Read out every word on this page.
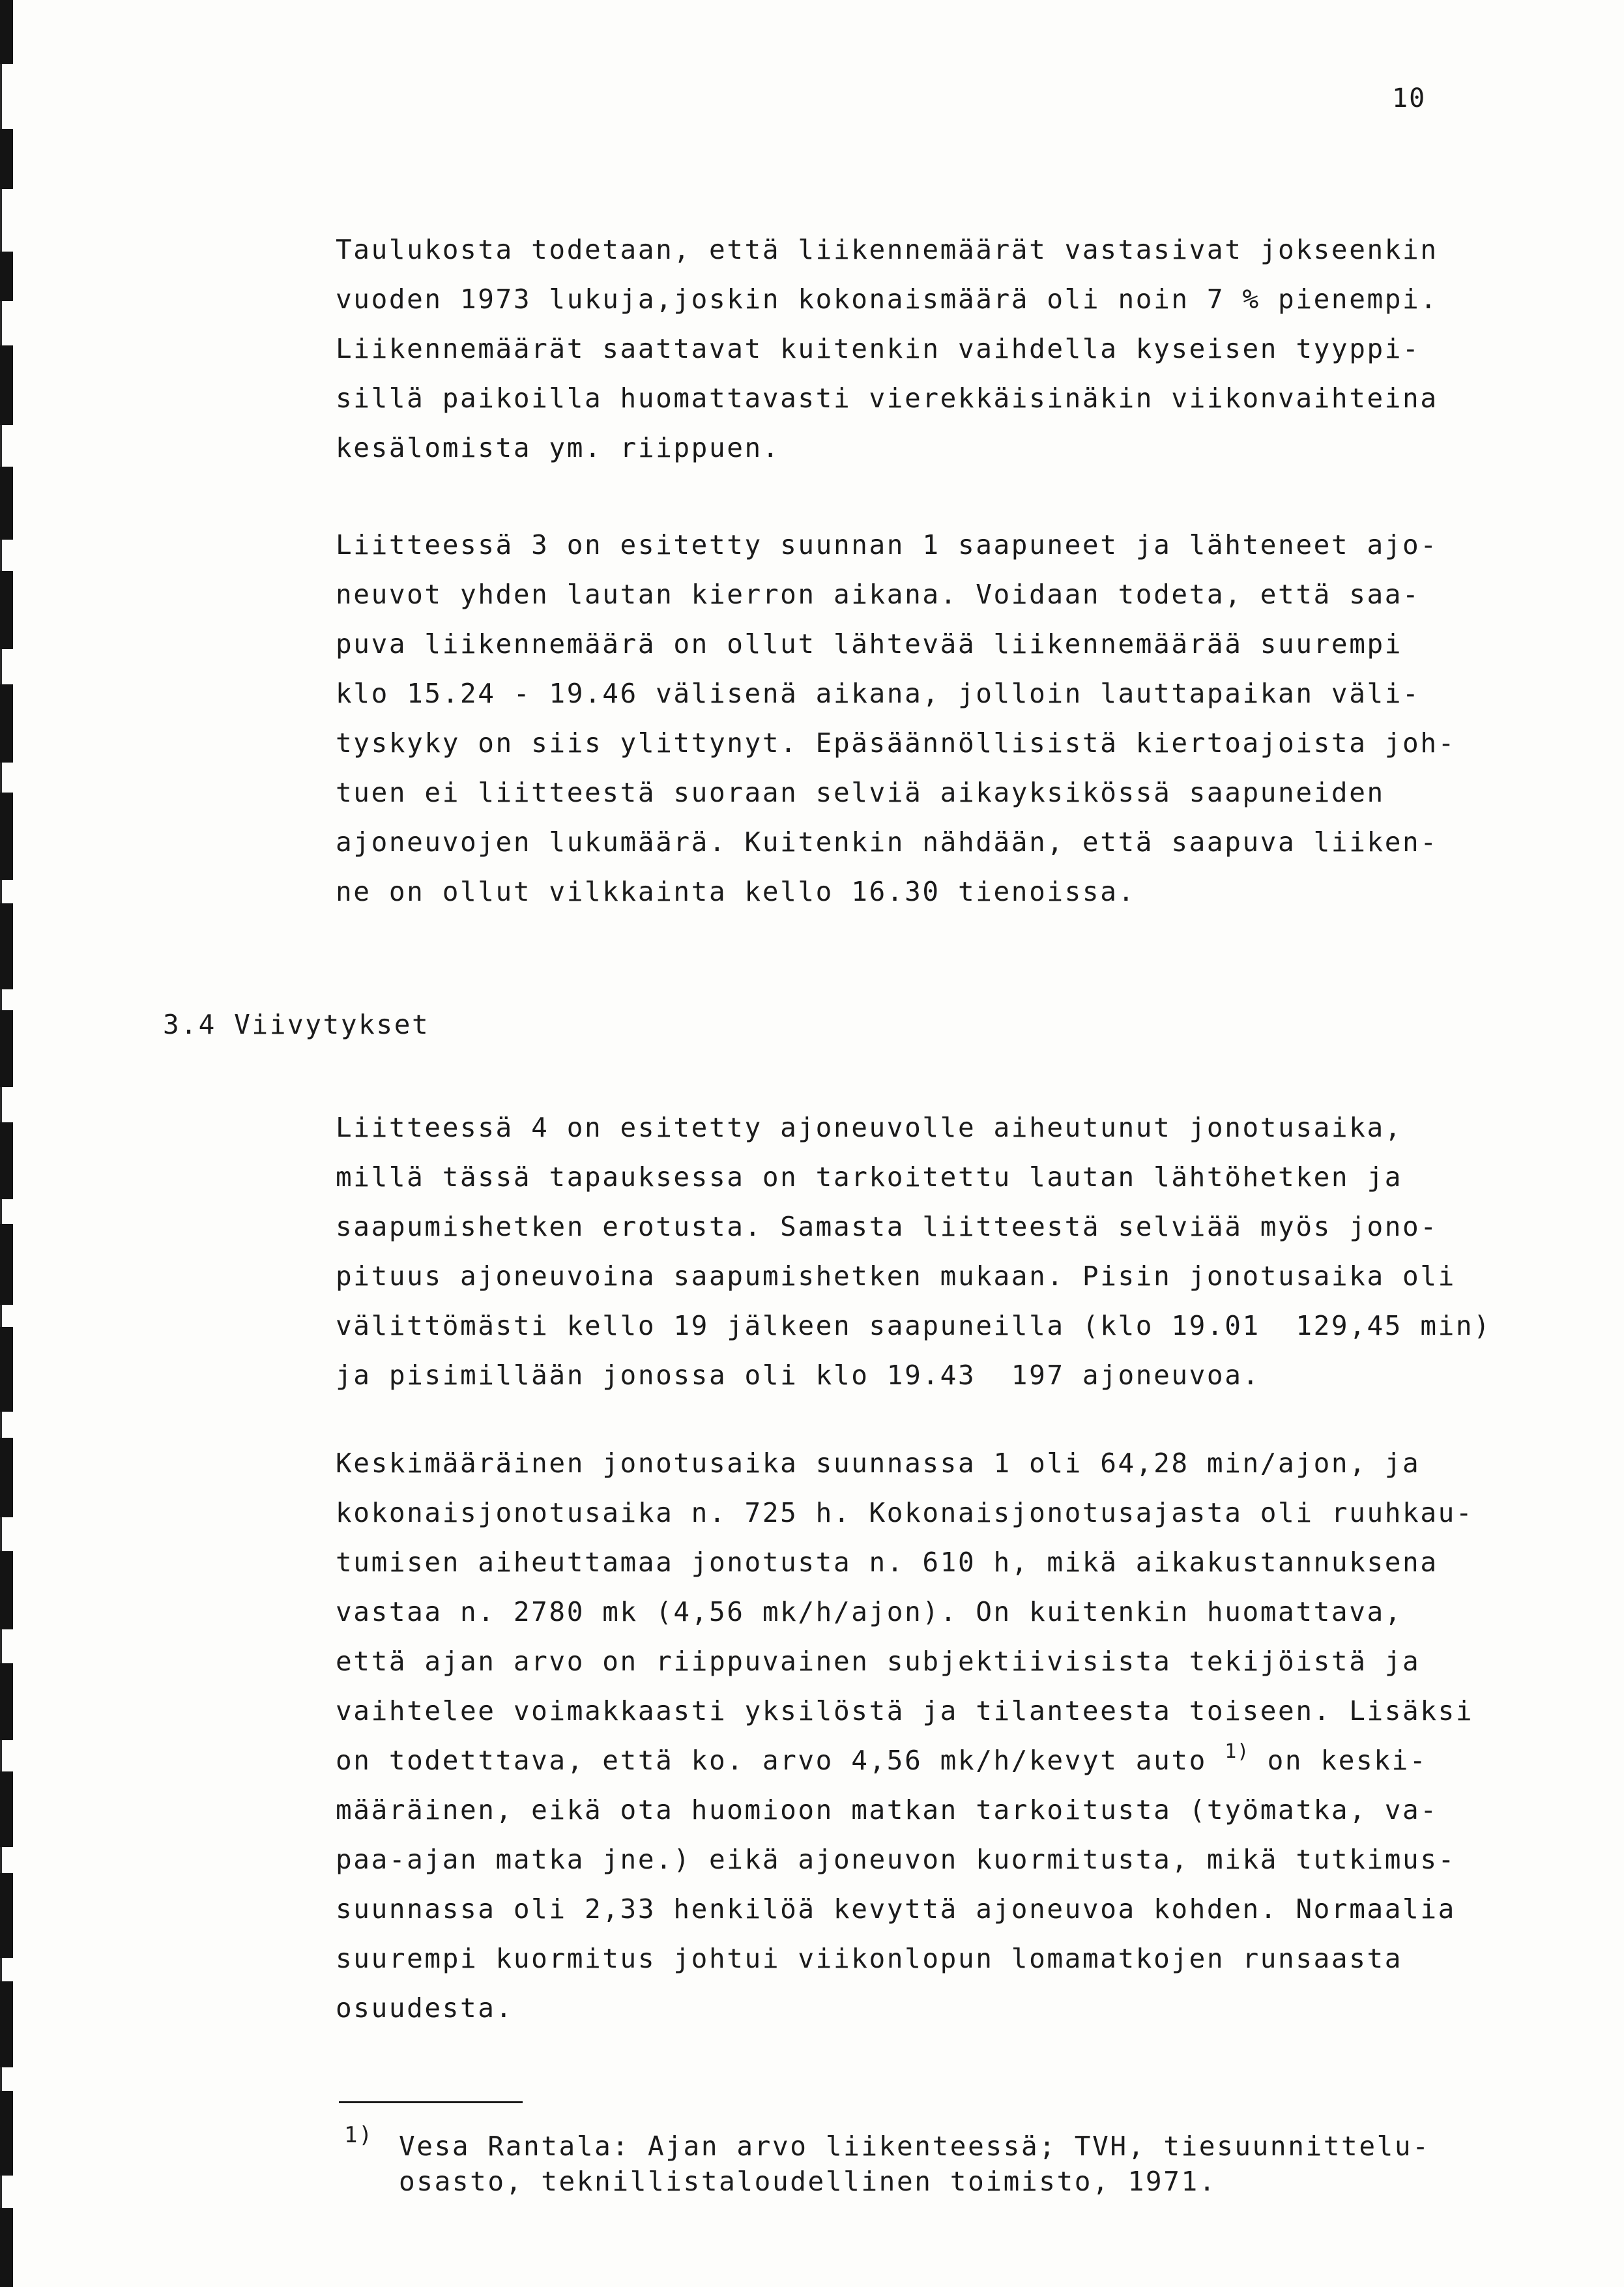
10
Taulukosta todetaan, että liikennemäärät vastasivat jokseenkin
vuoden 1973 lukuja,joskin kokonaismäärä oli noin 7 % pienempi.
Liikennemäärät saattavat kuitenkin vaihdella kyseisen tyyppi-
sillä paikoilla huomattavasti vierekkäisinäkin viikonvaihteina
kesälomista ym. riippuen.
Liitteessä 3 on esitetty suunnan 1 saapuneet ja lähteneet ajo-
neuvot yhden lautan kierron aikana. Voidaan todeta, että saa-
puva liikennemäärä on ollut lähtevää liikennemäärää suurempi
klo 15.24 - 19.46 välisenä aikana, jolloin lauttapaikan väli-
tyskyky on siis ylittynyt. Epäsäännöllisistä kiertoajoista joh-
tuen ei liitteestä suoraan selviä aikayksikössä saapuneiden
ajoneuvojen lukumäärä. Kuitenkin nähdään, että saapuva liiken-
ne on ollut vilkkainta kello 16.30 tienoissa.
3.4 Viivytykset
Liitteessä 4 on esitetty ajoneuvolle aiheutunut jonotusaika,
millä tässä tapauksessa on tarkoitettu lautan lähtöhetken ja
saapumishetken erotusta. Samasta liitteestä selviää myös jono-
pituus ajoneuvoina saapumishetken mukaan. Pisin jonotusaika oli
välittömästi kello 19 jälkeen saapuneilla (klo 19.01  129,45 min)
ja pisimillään jonossa oli klo 19.43  197 ajoneuvoa.
Keskimääräinen jonotusaika suunnassa 1 oli 64,28 min/ajon, ja
kokonaisjonotusaika n. 725 h. Kokonaisjonotusajasta oli ruuhkau-
tumisen aiheuttamaa jonotusta n. 610 h, mikä aikakustannuksena
vastaa n. 2780 mk (4,56 mk/h/ajon). On kuitenkin huomattava,
että ajan arvo on riippuvainen subjektiivisista tekijöistä ja
vaihtelee voimakkaasti yksilöstä ja tilanteesta toiseen. Lisäksi
on todetttava, että ko. arvo 4,56 mk/h/kevyt auto $^{1)}$ on keski-
määräinen, eikä ota huomioon matkan tarkoitusta (työmatka, va-
paa-ajan matka jne.) eikä ajoneuvon kuormitusta, mikä tutkimus-
suunnassa oli 2,33 henkilöä kevyttä ajoneuvoa kohden. Normaalia
suurempi kuormitus johtui viikonlopun lomamatkojen runsaasta
osuudesta.
1) Vesa Rantala: Ajan arvo liikenteessä; TVH, tiesuunnittelu-
osasto, teknillistaloudellinen toimisto, 1971.
